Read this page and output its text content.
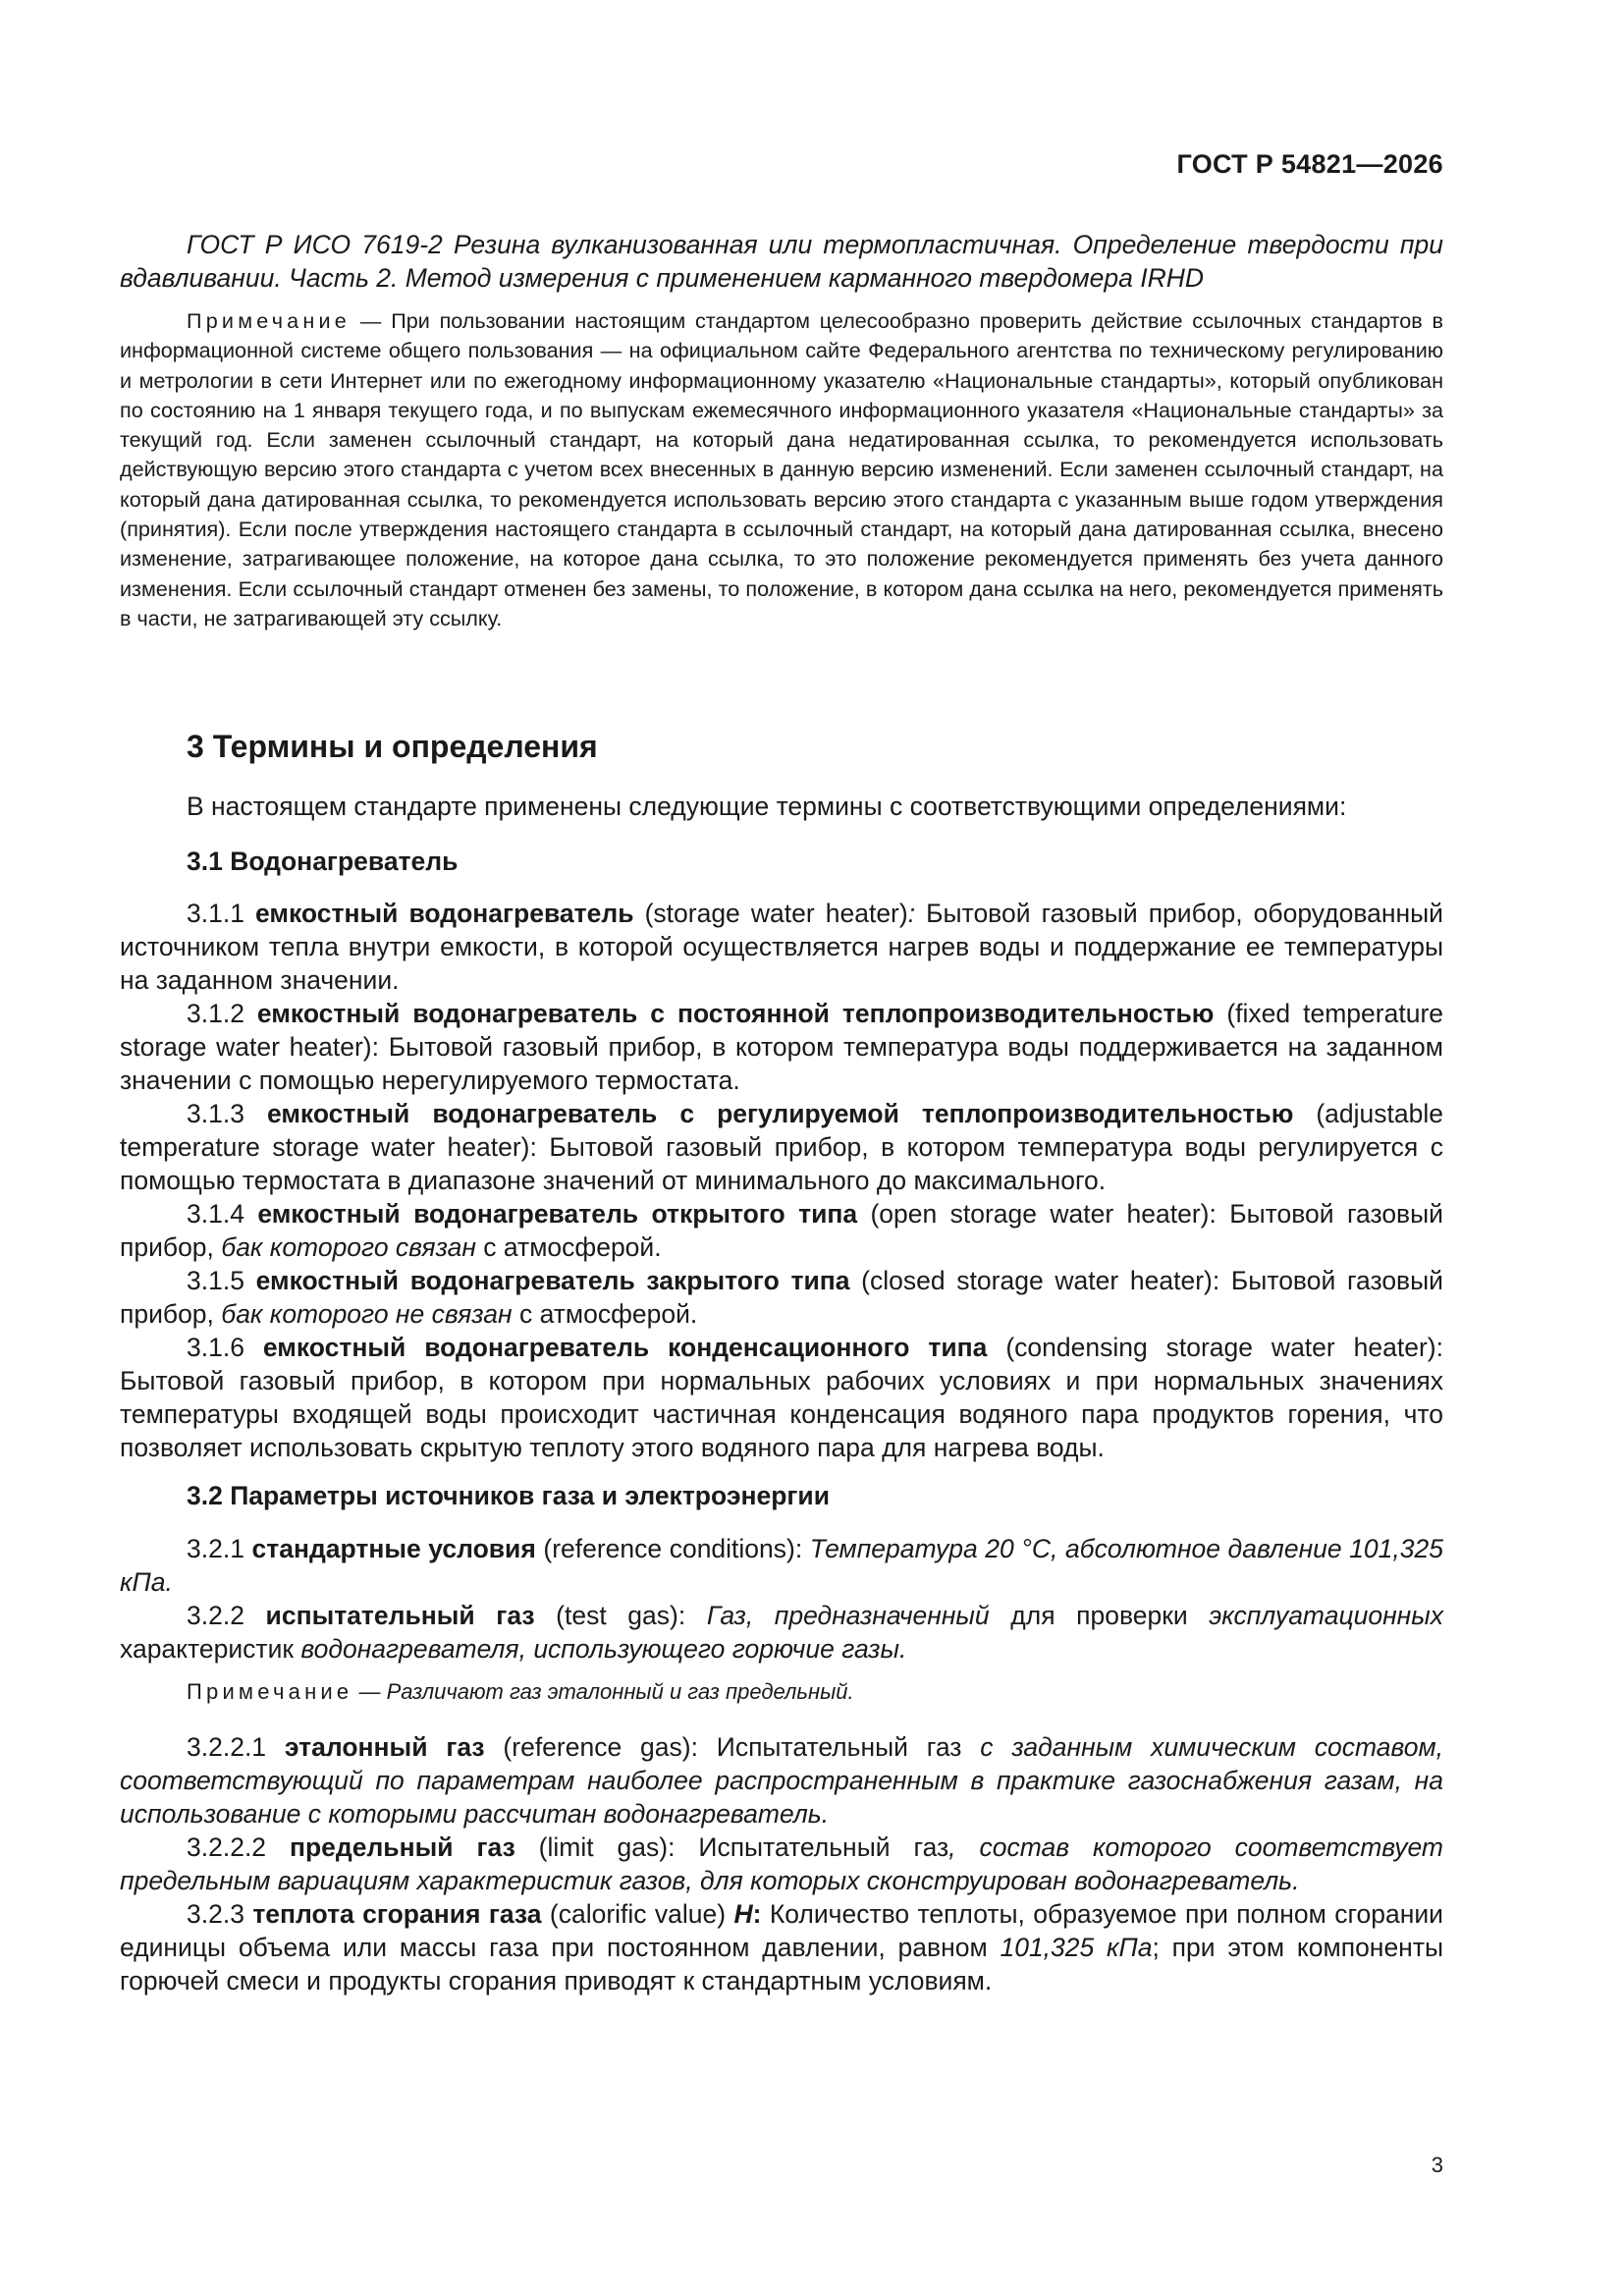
ГОСТ Р 54821—2026
ГОСТ Р ИСО 7619-2 Резина вулканизованная или термопластичная. Определение твердости при вдавливании. Часть 2. Метод измерения с применением карманного твердомера IRHD
Примечание — При пользовании настоящим стандартом целесообразно проверить действие ссылочных стандартов в информационной системе общего пользования — на официальном сайте Федерального агентства по техническому регулированию и метрологии в сети Интернет или по ежегодному информационному указателю «Национальные стандарты», который опубликован по состоянию на 1 января текущего года, и по выпускам ежемесячного информационного указателя «Национальные стандарты» за текущий год. Если заменен ссылочный стандарт, на который дана недатированная ссылка, то рекомендуется использовать действующую версию этого стандарта с учетом всех внесенных в данную версию изменений. Если заменен ссылочный стандарт, на который дана датированная ссылка, то рекомендуется использовать версию этого стандарта с указанным выше годом утверждения (принятия). Если после утверждения настоящего стандарта в ссылочный стандарт, на который дана датированная ссылка, внесено изменение, затрагивающее положение, на которое дана ссылка, то это положение рекомендуется применять без учета данного изменения. Если ссылочный стандарт отменен без замены, то положение, в котором дана ссылка на него, рекомендуется применять в части, не затрагивающей эту ссылку.
3 Термины и определения
В настоящем стандарте применены следующие термины с соответствующими определениями:
3.1 Водонагреватель

3.1.1 емкостный водонагреватель (storage water heater): Бытовой газовый прибор, оборудованный источником тепла внутри емкости, в которой осуществляется нагрев воды и поддержание ее температуры на заданном значении.

3.1.2 емкостный водонагреватель с постоянной теплопроизводительностью (fixed temperature storage water heater): Бытовой газовый прибор, в котором температура воды поддерживается на заданном значении с помощью нерегулируемого термостата.

3.1.3 емкостный водонагреватель с регулируемой теплопроизводительностью (adjustable temperature storage water heater): Бытовой газовый прибор, в котором температура воды регулируется с помощью термостата в диапазоне значений от минимального до максимального.

3.1.4 емкостный водонагреватель открытого типа (open storage water heater): Бытовой газовый прибор, бак которого связан с атмосферой.

3.1.5 емкостный водонагреватель закрытого типа (closed storage water heater): Бытовой газовый прибор, бак которого не связан с атмосферой.

3.1.6 емкостный водонагреватель конденсационного типа (condensing storage water heater): Бытовой газовый прибор, в котором при нормальных рабочих условиях и при нормальных значениях температуры входящей воды происходит частичная конденсация водяного пара продуктов горения, что позволяет использовать скрытую теплоту этого водяного пара для нагрева воды.

3.2 Параметры источников газа и электроэнергии

3.2.1 стандартные условия (reference conditions): Температура 20 °С, абсолютное давление 101,325 кПа.

3.2.2 испытательный газ (test gas): Газ, предназначенный для проверки эксплуатационных характеристик водонагревателя, использующего горючие газы.

Примечание — Различают газ эталонный и газ предельный.

3.2.2.1 эталонный газ (reference gas): Испытательный газ с заданным химическим составом, соответствующий по параметрам наиболее распространенным в практике газоснабжения газам, на использование с которыми рассчитан водонагреватель.

3.2.2.2 предельный газ (limit gas): Испытательный газ, состав которого соответствует предельным вариациям характеристик газов, для которых сконструирован водонагреватель.

3.2.3 теплота сгорания газа (calorific value) H: Количество теплоты, образуемое при полном сгорании единицы объема или массы газа при постоянном давлении, равном 101,325 кПа; при этом компоненты горючей смеси и продукты сгорания приводят к стандартным условиям.

3
